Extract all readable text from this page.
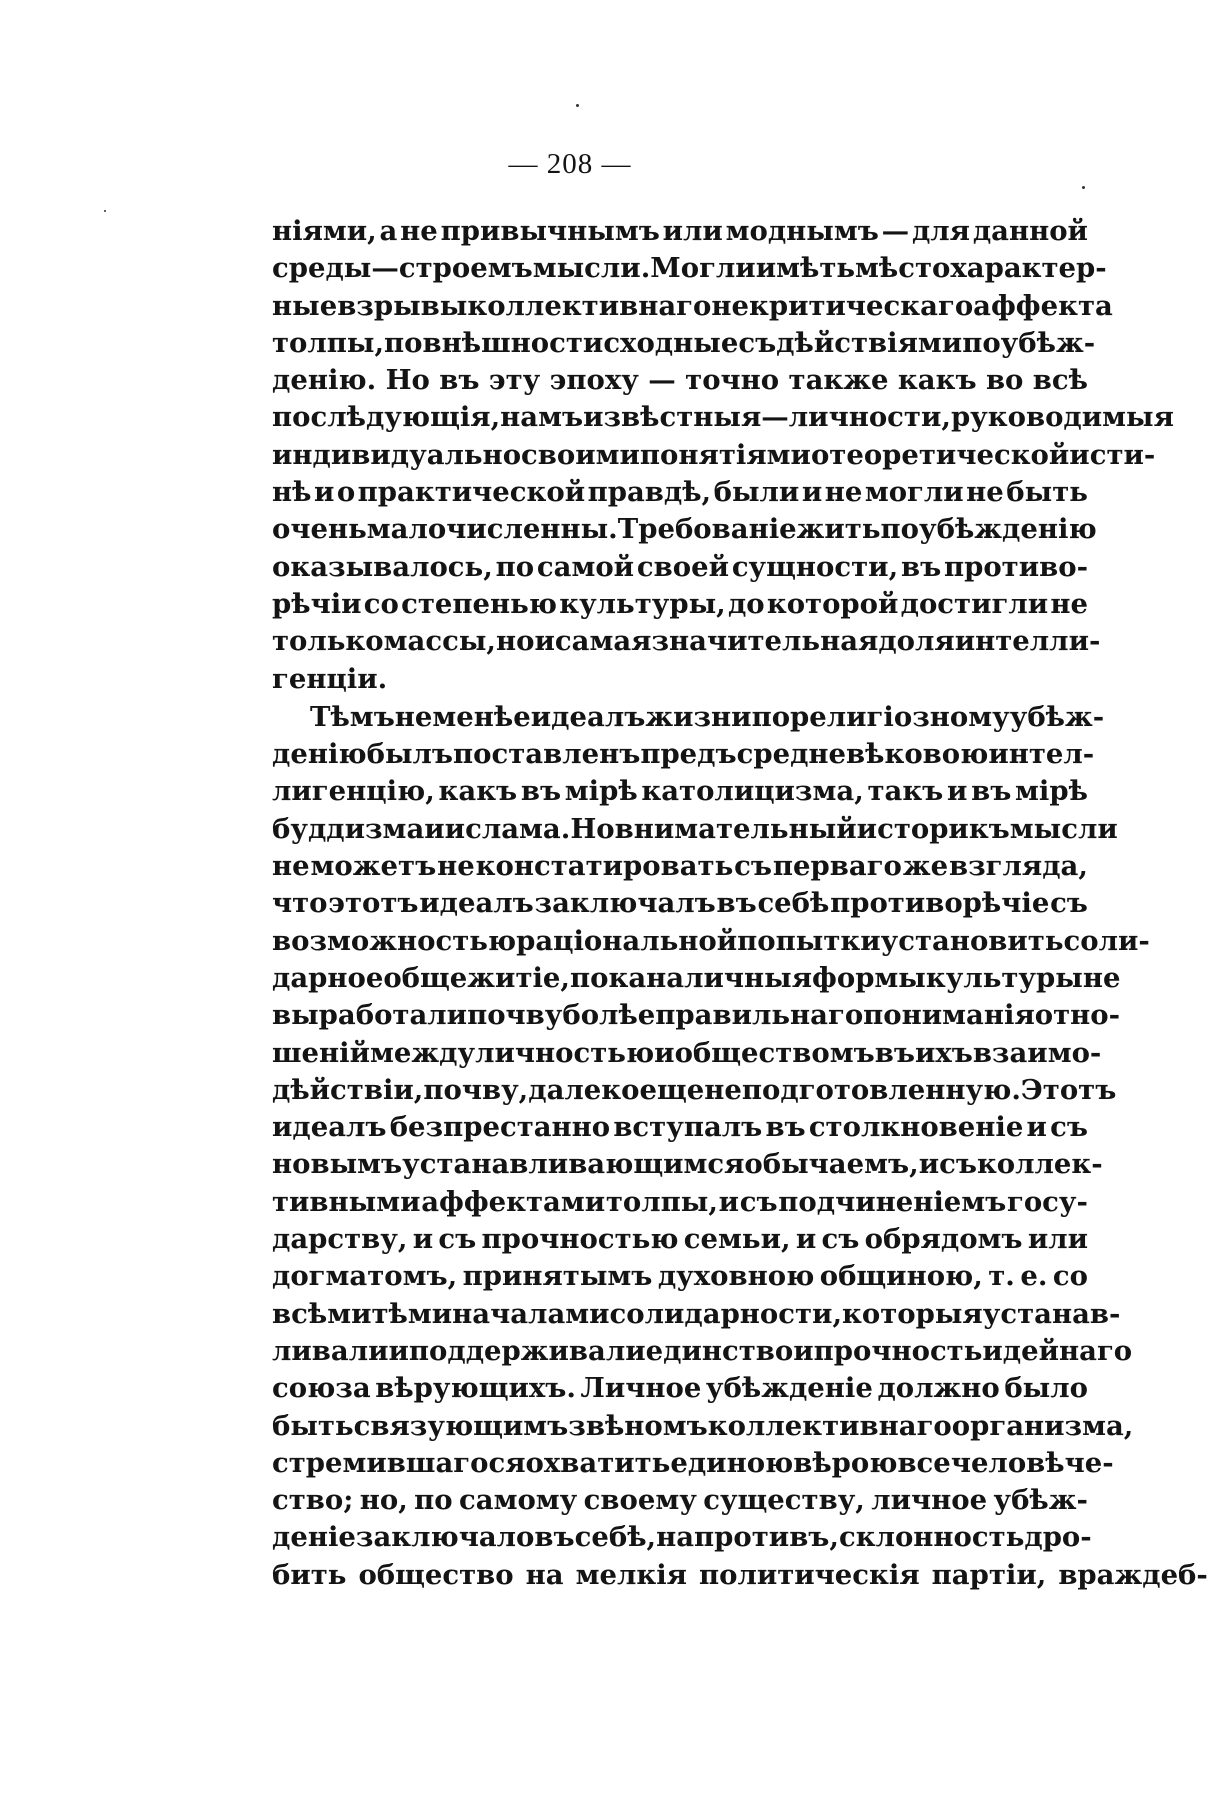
— 208 —
ніями, а не привычнымъ или моднымъ — для данной
среды — строемъ мысли. Могли имѣть мѣсто характер-
ные взрывы коллективнаго некритическаго аффекта
толпы, по внѣшности сходные съ дѣйствіями по убѣж-
денію. Но въ эту эпоху — точно также какъ во всѣ
послѣдующія, намъ извѣстныя — личности, руководимыя
индивидуально своими понятіями о теоретической исти-
нѣ и о практической правдѣ, были и не могли не быть
очень малочисленны. Требованіе жить по убѣжденію
оказывалось, по самой своей сущности, въ противо-
рѣчіи со степенью культуры, до которой достигли не
только массы, но и самая значительная доля интелли-
генціи.
Тѣмъ не менѣе идеалъ жизни по религіозному убѣж-
денію былъ поставленъ предъ средневѣковою интел-
лигенцію, какъ въ мірѣ католицизма, такъ и въ мірѣ
буддизма и ислама. Но внимательный историкъ мысли
не можетъ не констатировать съ перваго же взгляда,
что этотъ идеалъ заключалъ въ себѣ противорѣчіе съ
возможностью раціональной попытки установить соли-
дарное общежитіе, пока наличныя формы культуры не
выработали почву болѣе правильнаго пониманія отно-
шеній между личностью и обществомъ въ ихъ взаимо-
дѣйствіи, почву, далеко еще не подготовленную. Этотъ
идеалъ безпрестанно вступалъ въ столкновеніе и съ
новымъ устанавливающимся обычаемъ, и съ коллек-
тивными аффектами толпы, и съ подчиненіемъ госу-
дарству, и съ прочностью семьи, и съ обрядомъ или
догматомъ, принятымъ духовною общиною, т. е. со
всѣми тѣми началами солидарности, которыя устанав-
ливали и поддерживали единство и прочность идейнаго
союза вѣрующихъ. Личное убѣжденіе должно было
быть связующимъ звѣномъ коллективнаго организма,
стремившагося охватить единою вѣрою все человѣче-
ство; но, по самому своему существу, личное убѣж-
деніе заключало въ себѣ, напротивъ, склонность дро-
бить общество на мелкія политическія партіи, враждеб-
